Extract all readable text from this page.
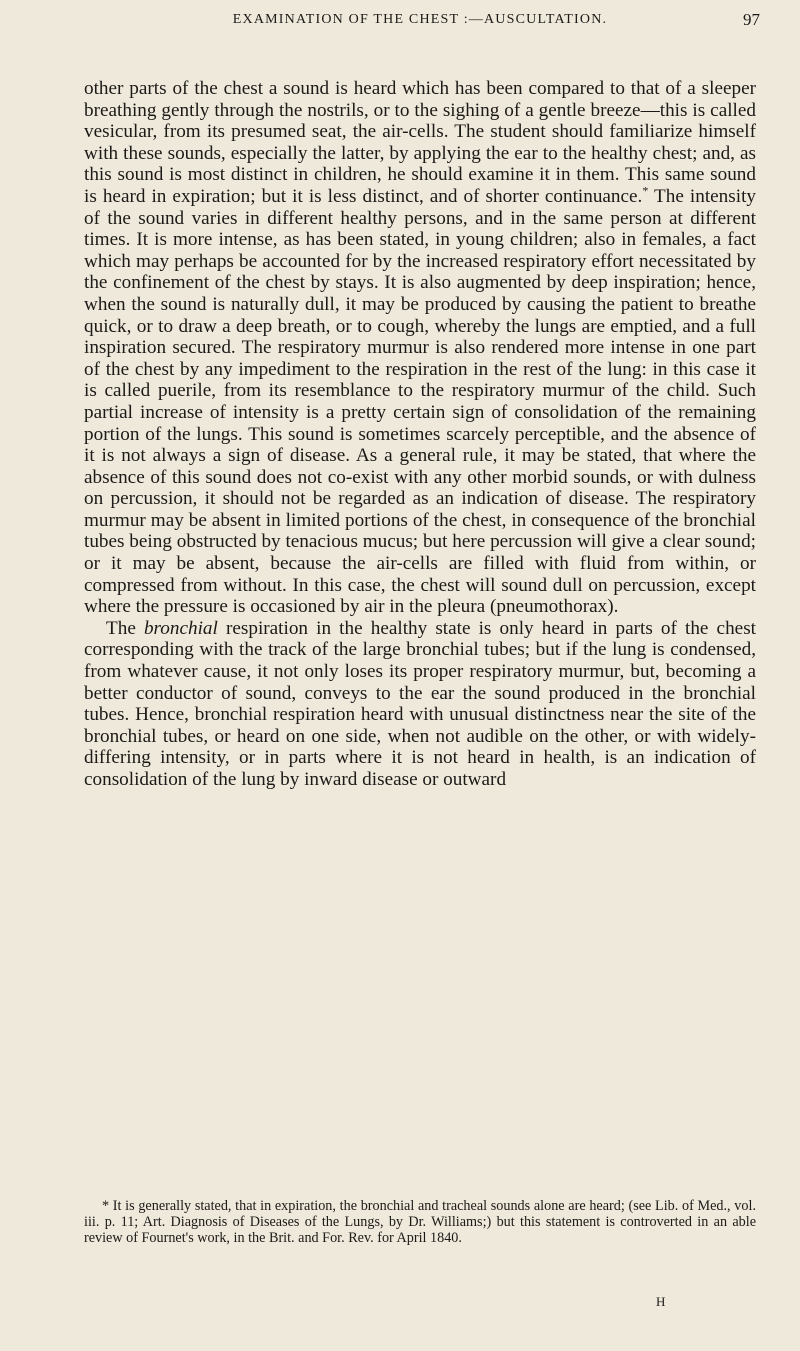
EXAMINATION OF THE CHEST :—AUSCULTATION.	97

other parts of the chest a sound is heard which has been compared to that of a sleeper breathing gently through the nostrils, or to the sighing of a gentle breeze—this is called vesicular, from its presumed seat, the air-cells. The student should familiarize himself with these sounds, especially the latter, by applying the ear to the healthy chest; and, as this sound is most distinct in children, he should examine it in them. This same sound is heard in expiration; but it is less distinct, and of shorter continuance.* The intensity of the sound varies in different healthy persons, and in the same person at different times. It is more intense, as has been stated, in young children; also in females, a fact which may perhaps be accounted for by the increased respiratory effort necessitated by the confinement of the chest by stays. It is also augmented by deep inspiration; hence, when the sound is naturally dull, it may be produced by causing the patient to breathe quick, or to draw a deep breath, or to cough, whereby the lungs are emptied, and a full inspiration secured. The respiratory murmur is also rendered more intense in one part of the chest by any impediment to the respiration in the rest of the lung: in this case it is called puerile, from its resemblance to the respiratory murmur of the child. Such partial increase of intensity is a pretty certain sign of consolidation of the remaining portion of the lungs. This sound is sometimes scarcely perceptible, and the absence of it is not always a sign of disease. As a general rule, it may be stated, that where the absence of this sound does not co-exist with any other morbid sounds, or with dulness on percussion, it should not be regarded as an indication of disease. The respiratory murmur may be absent in limited portions of the chest, in consequence of the bronchial tubes being obstructed by tenacious mucus; but here percussion will give a clear sound; or it may be absent, because the air-cells are filled with fluid from within, or compressed from without. In this case, the chest will sound dull on percussion, except where the pressure is occasioned by air in the pleura (pneumothorax).

The bronchial respiration in the healthy state is only heard in parts of the chest corresponding with the track of the large bronchial tubes; but if the lung is condensed, from whatever cause, it not only loses its proper respiratory murmur, but, becoming a better conductor of sound, conveys to the ear the sound produced in the bronchial tubes. Hence, bronchial respiration heard with unusual distinctness near the site of the bronchial tubes, or heard on one side, when not audible on the other, or with widely-differing intensity, or in parts where it is not heard in health, is an indication of consolidation of the lung by inward disease or outward

* It is generally stated, that in expiration, the bronchial and tracheal sounds alone are heard; (see Lib. of Med., vol. iii. p. 11; Art. Diagnosis of Diseases of the Lungs, by Dr. Williams;) but this statement is controverted in an able review of Fournet's work, in the Brit. and For. Rev. for April 1840.

H
